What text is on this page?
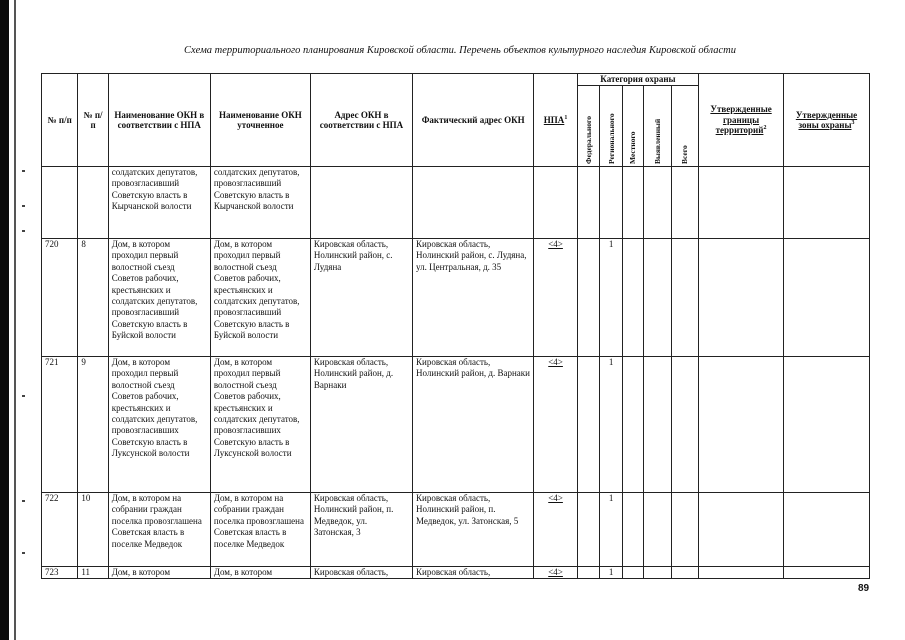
Схема территориального планирования Кировской области. Перечень объектов культурного наследия Кировской области
№ п/п	№ п/п	Наименование ОКН в соответствии с НПА	Наименование ОКН уточненное	Адрес ОКН в соответствии с НПА	Фактический адрес ОКН	НПА$^1$	Категория охраны					Утвержденные границы территорий$^2$	Утвержденные зоны охраны$^3$
							Федерального	Регионального	Местного	Выявленный	Всего		
		солдатских депутатов, провозгласивший Советскую власть в Кырчанской волости	солдатских депутатов, провозгласивший Советскую власть в Кырчанской волости										
720	8	Дом, в котором проходил первый волостной съезд Советов рабочих, крестьянских и солдатских депутатов, провозгласивший Советскую власть в Буйской волости	Дом, в котором проходил первый волостной съезд Советов рабочих, крестьянских и солдатских депутатов, провозгласивший Советскую власть в Буйской волости	Кировская область, Нолинский район, с. Лудяна	Кировская область, Нолинский район, с. Лудяна, ул. Центральная, д. 35	<4>		1					
721	9	Дом, в котором проходил первый волостной съезд Советов рабочих, крестьянских и солдатских депутатов, провозгласивших Советскую власть в Луксунской волости	Дом, в котором проходил первый волостной съезд Советов рабочих, крестьянских и солдатских депутатов, провозгласивших Советскую власть в Луксунской волости	Кировская область, Нолинский район, д. Варнаки	Кировская область, Нолинский район, д. Варнаки	<4>		1					
722	10	Дом, в котором на собрании граждан поселка провозглашена Советская власть в поселке Медведок	Дом, в котором на собрании граждан поселка провозглашена Советская власть в поселке Медведок	Кировская область, Нолинский район, п. Медведок, ул. Затонская, 3	Кировская область, Нолинский район, п. Медведок, ул. Затонская, 5	<4>		1					
723	11	Дом, в котором	Дом, в котором	Кировская область,	Кировская область,	<4>		1					
89
